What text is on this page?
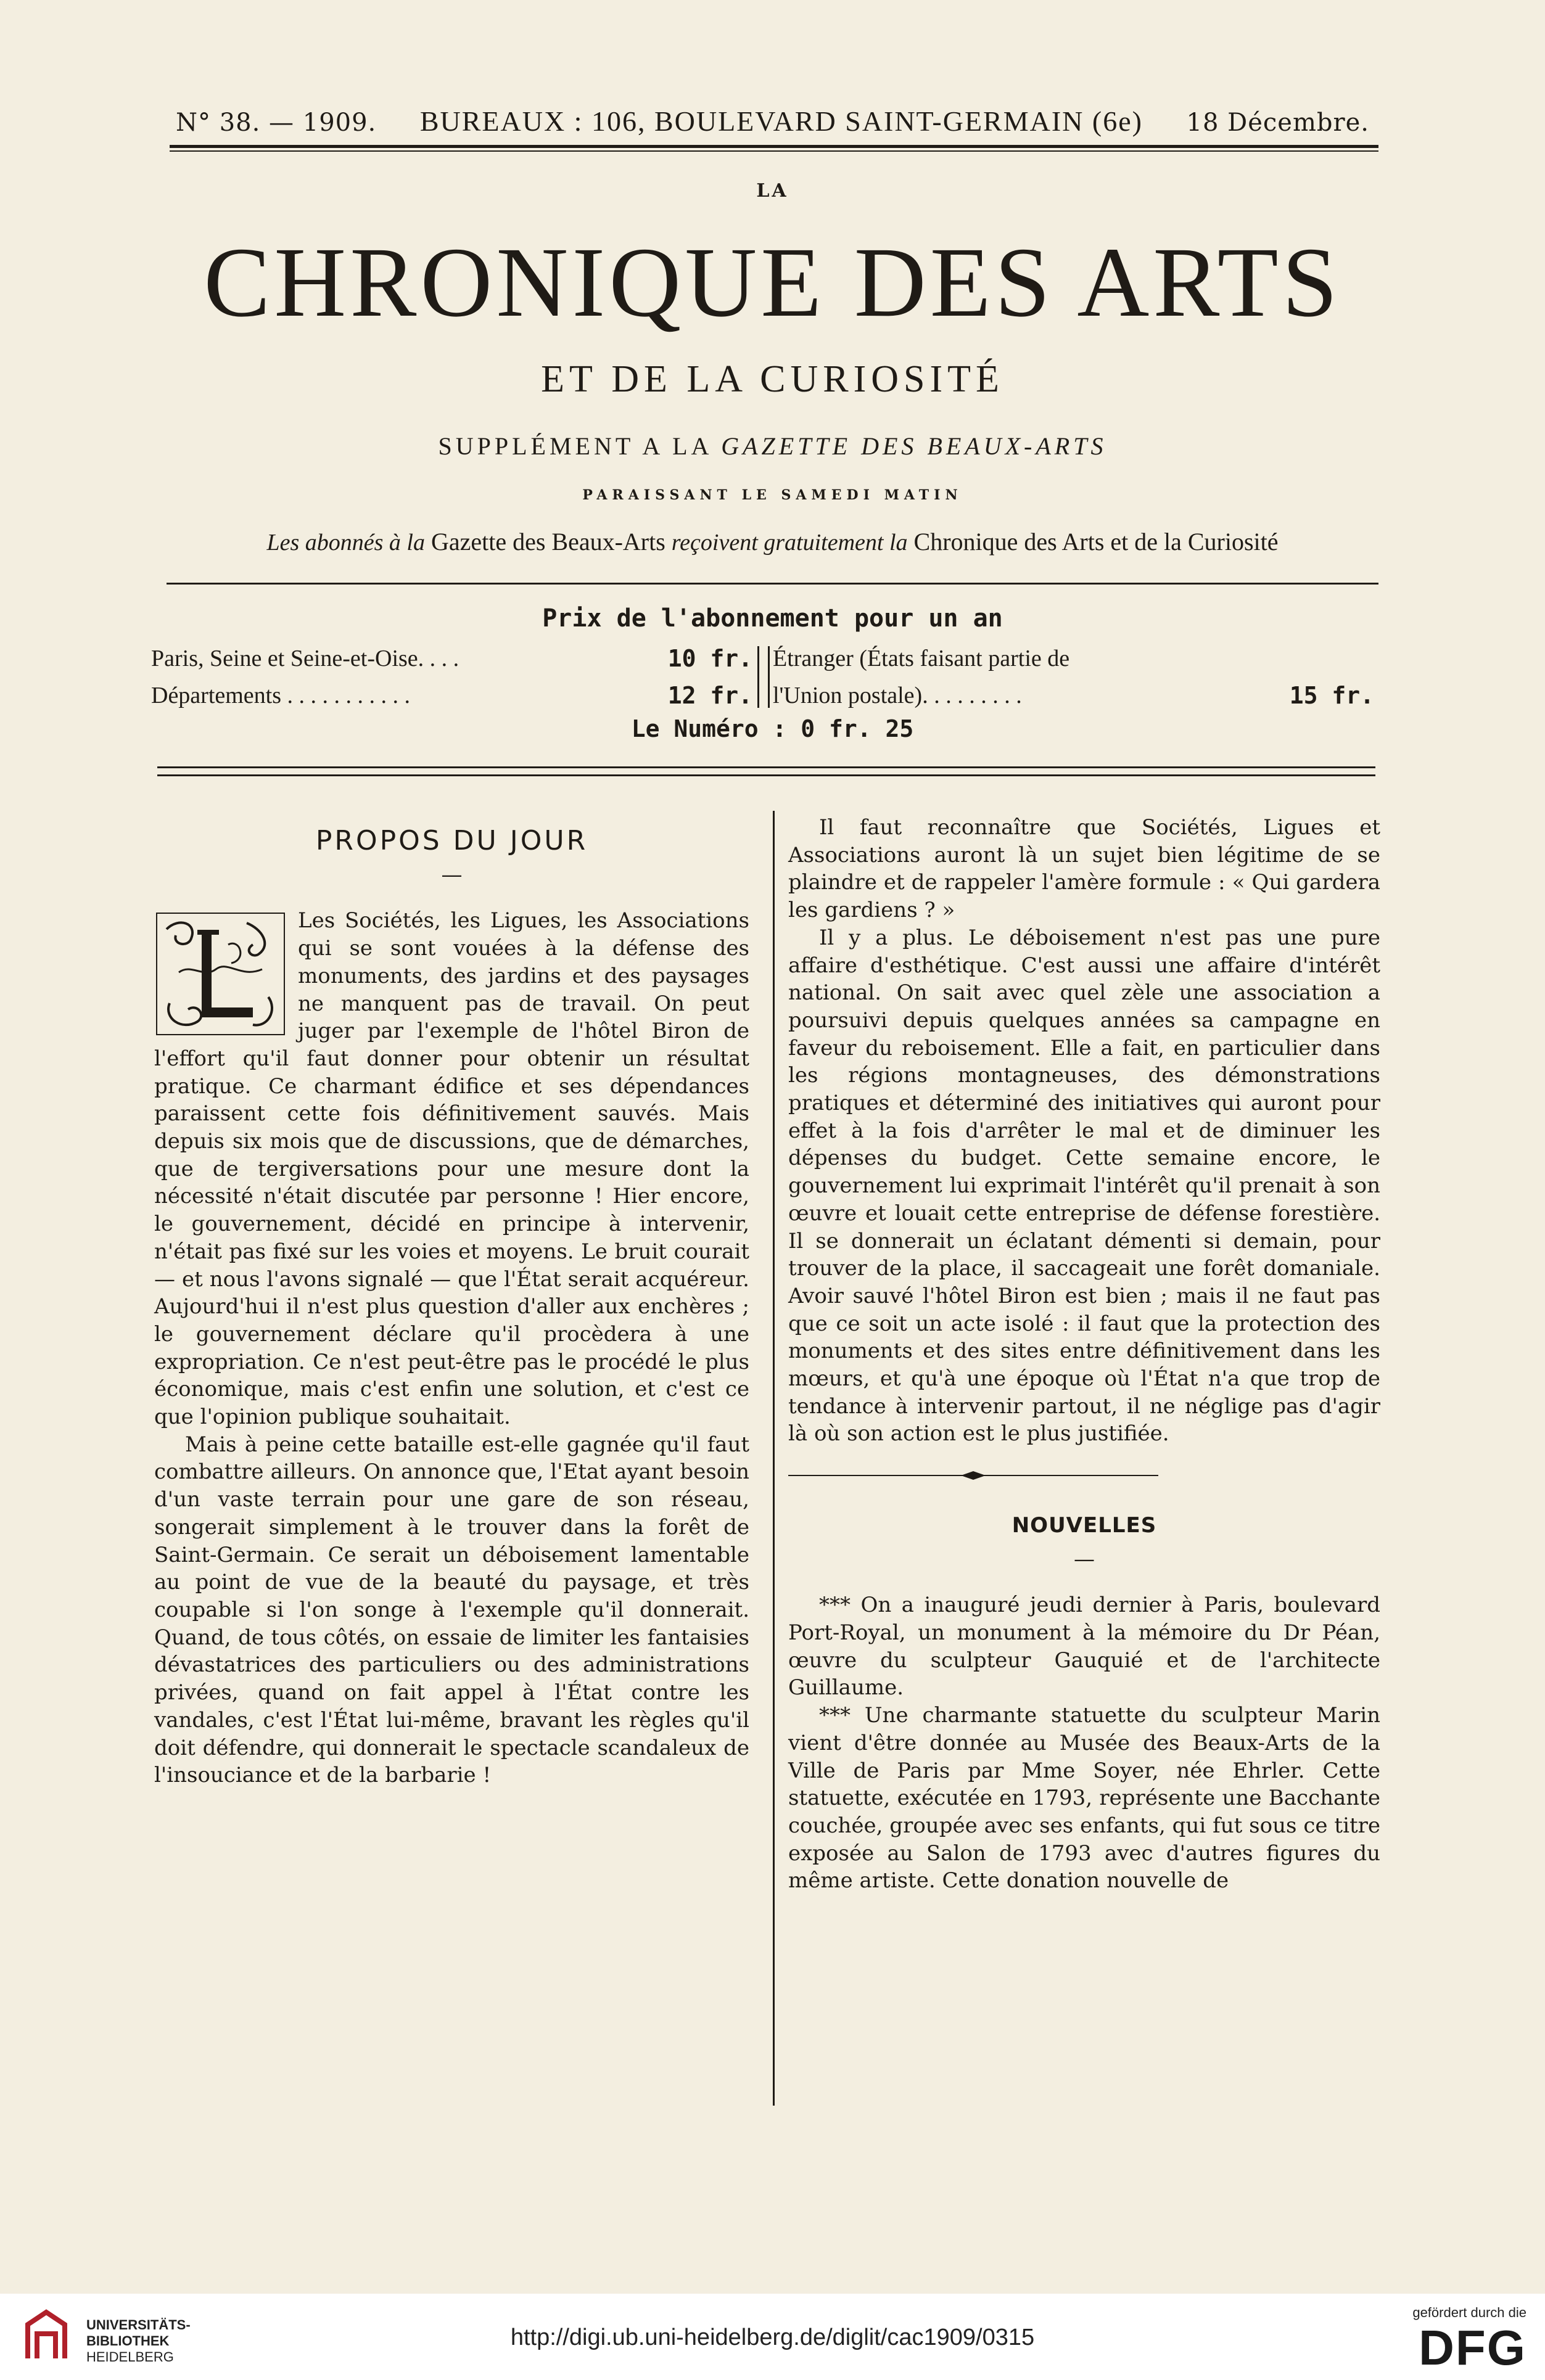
N° 38. — 1909. BUREAUX : 106, BOULEVARD SAINT-GERMAIN (6e) 18 Décembre.
LA
CHRONIQUE DES ARTS
ET DE LA CURIOSITÉ
SUPPLÉMENT A LA GAZETTE DES BEAUX-ARTS
PARAISSANT LE SAMEDI MATIN
Les abonnés à la Gazette des Beaux-Arts reçoivent gratuitement la Chronique des Arts et de la Curiosité
Prix de l'abonnement pour un an
Paris, Seine et Seine-et-Oise. . . .	10 fr.
Départements . . . . . . . . . . .	12 fr.
Étranger (États faisant partie de
l'Union postale). . . . . . . . .	15 fr.
Le Numéro : 0 fr. 25
PROPOS DU JOUR
—

Les Sociétés, les Ligues, les Associations qui se sont vouées à la défense des monuments, des jardins et des paysages ne manquent pas de travail. On peut juger par l'exemple de l'hôtel Biron de l'effort qu'il faut donner pour obtenir un résultat pratique. Ce charmant édifice et ses dépendances paraissent cette fois définitivement sauvés. Mais depuis six mois que de discussions, que de démarches, que de tergiversations pour une mesure dont la nécessité n'était discutée par personne ! Hier encore, le gouvernement, décidé en principe à intervenir, n'était pas fixé sur les voies et moyens. Le bruit courait — et nous l'avons signalé — que l'État serait acquéreur. Aujourd'hui il n'est plus question d'aller aux enchères ; le gouvernement déclare qu'il procèdera à une expropriation. Ce n'est peut-être pas le procédé le plus économique, mais c'est enfin une solution, et c'est ce que l'opinion publique souhaitait.

Mais à peine cette bataille est-elle gagnée qu'il faut combattre ailleurs. On annonce que, l'Etat ayant besoin d'un vaste terrain pour une gare de son réseau, songerait simplement à le trouver dans la forêt de Saint-Germain. Ce serait un déboisement lamentable au point de vue de la beauté du paysage, et très coupable si l'on songe à l'exemple qu'il donnerait. Quand, de tous côtés, on essaie de limiter les fantaisies dévastatrices des particuliers ou des administrations privées, quand on fait appel à l'État contre les vandales, c'est l'État lui-même, bravant les règles qu'il doit défendre, qui donnerait le spectacle scandaleux de l'insouciance et de la barbarie !

Il faut reconnaître que Sociétés, Ligues et Associations auront là un sujet bien légitime de se plaindre et de rappeler l'amère formule : « Qui gardera les gardiens ? »

Il y a plus. Le déboisement n'est pas une pure affaire d'esthétique. C'est aussi une affaire d'intérêt national. On sait avec quel zèle une association a poursuivi depuis quelques années sa campagne en faveur du reboisement. Elle a fait, en particulier dans les régions montagneuses, des démonstrations pratiques et déterminé des initiatives qui auront pour effet à la fois d'arrêter le mal et de diminuer les dépenses du budget. Cette semaine encore, le gouvernement lui exprimait l'intérêt qu'il prenait à son œuvre et louait cette entreprise de défense forestière. Il se donnerait un éclatant démenti si demain, pour trouver de la place, il saccageait une forêt domaniale. Avoir sauvé l'hôtel Biron est bien ; mais il ne faut pas que ce soit un acte isolé : il faut que la protection des monuments et des sites entre définitivement dans les mœurs, et qu'à une époque où l'État n'a que trop de tendance à intervenir partout, il ne néglige pas d'agir là où son action est le plus justifiée.

NOUVELLES
—

*** On a inauguré jeudi dernier à Paris, boulevard Port-Royal, un monument à la mémoire du Dr Péan, œuvre du sculpteur Gauquié et de l'architecte Guillaume.

*** Une charmante statuette du sculpteur Marin vient d'être donnée au Musée des Beaux-Arts de la Ville de Paris par Mme Soyer, née Ehrler. Cette statuette, exécutée en 1793, représente une Bacchante couchée, groupée avec ses enfants, qui fut sous ce titre exposée au Salon de 1793 avec d'autres figures du même artiste. Cette donation nouvelle de

UNIVERSITÄTS-
BIBLIOTHEK
HEIDELBERG
http://digi.ub.uni-heidelberg.de/diglit/cac1909/0315
gefördert durch die
DFG
